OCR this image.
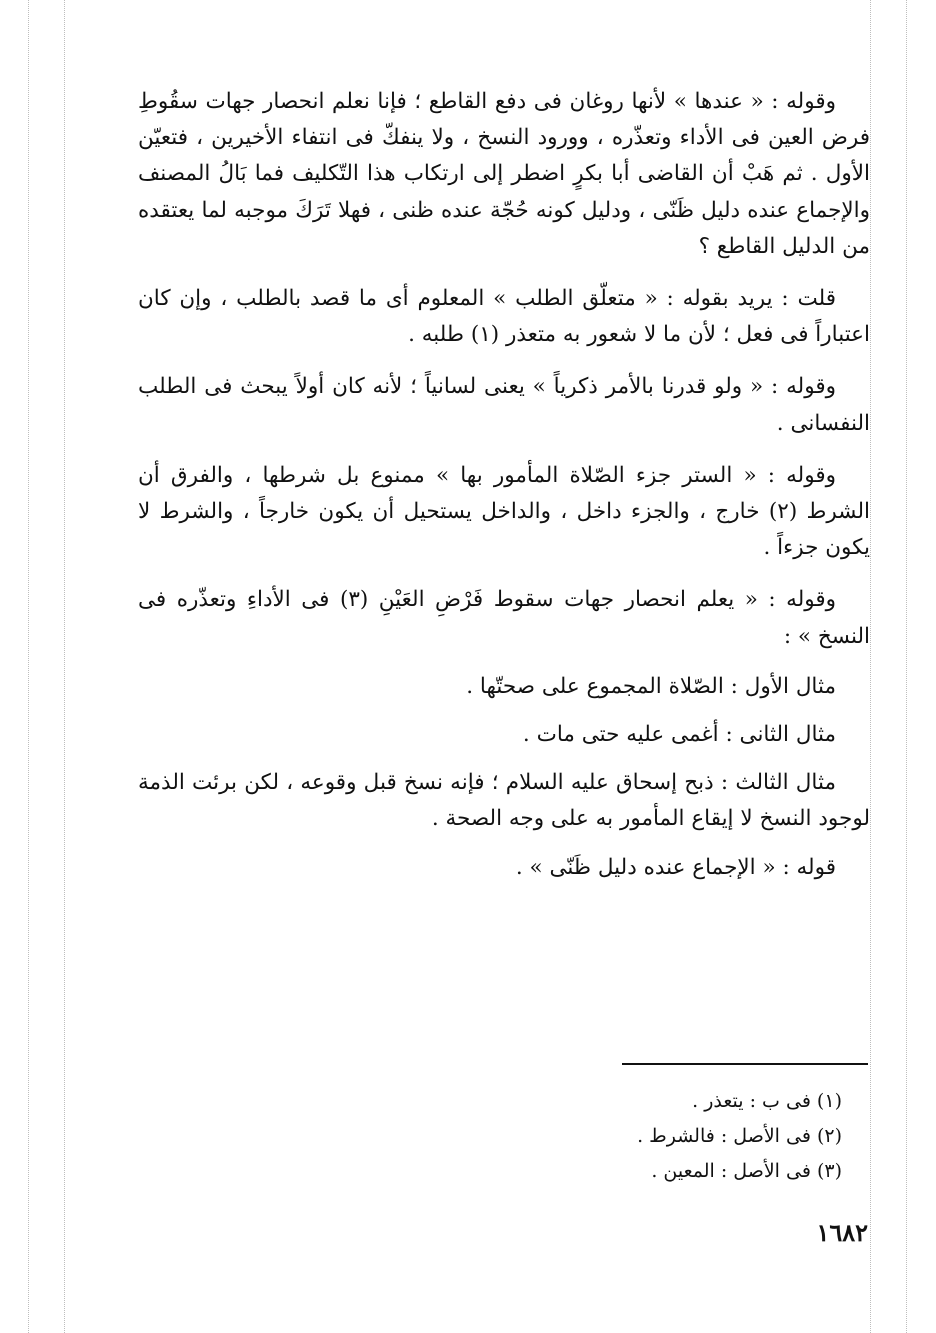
وقوله : « عندها » لأنها روغان فى دفع القاطع ؛ فإنا نعلم انحصار جهات سقُوطِ فرض العين فى الأداء وتعذّره ، وورود النسخ ، ولا ينفكّ فى انتفاء الأخيرين ، فتعيّن الأول . ثم هَبْ أن القاضى أبا بكرٍ اضطر إلى ارتكاب هذا التّكليف فما بَالُ المصنف والإجماع عنده دليل ظَنّى ، ودليل كونه حُجّة عنده ظنى ، فهلا تَرَكَ موجبه لما يعتقده من الدليل القاطع ؟

قلت : يريد بقوله : « متعلّق الطلب » المعلوم أى ما قصد بالطلب ، وإن كان اعتباراً فى فعل ؛ لأن ما لا شعور به متعذر (١) طلبه .

وقوله : « ولو قدرنا بالأمر ذكرياً » يعنى لسانياً ؛ لأنه كان أولاً يبحث فى الطلب النفسانى .

وقوله : « الستر جزء الصّلاة المأمور بها » ممنوع بل شرطها ، والفرق أن الشرط (٢) خارج ، والجزء داخل ، والداخل يستحيل أن يكون خارجاً ، والشرط لا يكون جزءاً .

وقوله : « يعلم انحصار جهات سقوط فَرْضِ العَيْنِ (٣) فى الأداءِ وتعذّره فى النسخ » :

مثال الأول : الصّلاة المجموع على صحتّها .

مثال الثانى : أغمى عليه حتى مات .

مثال الثالث : ذبح إسحاق عليه السلام ؛ فإنه نسخ قبل وقوعه ، لكن برئت الذمة لوجود النسخ لا إيقاع المأمور به على وجه الصحة .

قوله : « الإجماع عنده دليل ظَنّى » .

(١) فى ب : يتعذر .

(٢) فى الأصل : فالشرط .

(٣) فى الأصل : المعين .

١٦٨٢
